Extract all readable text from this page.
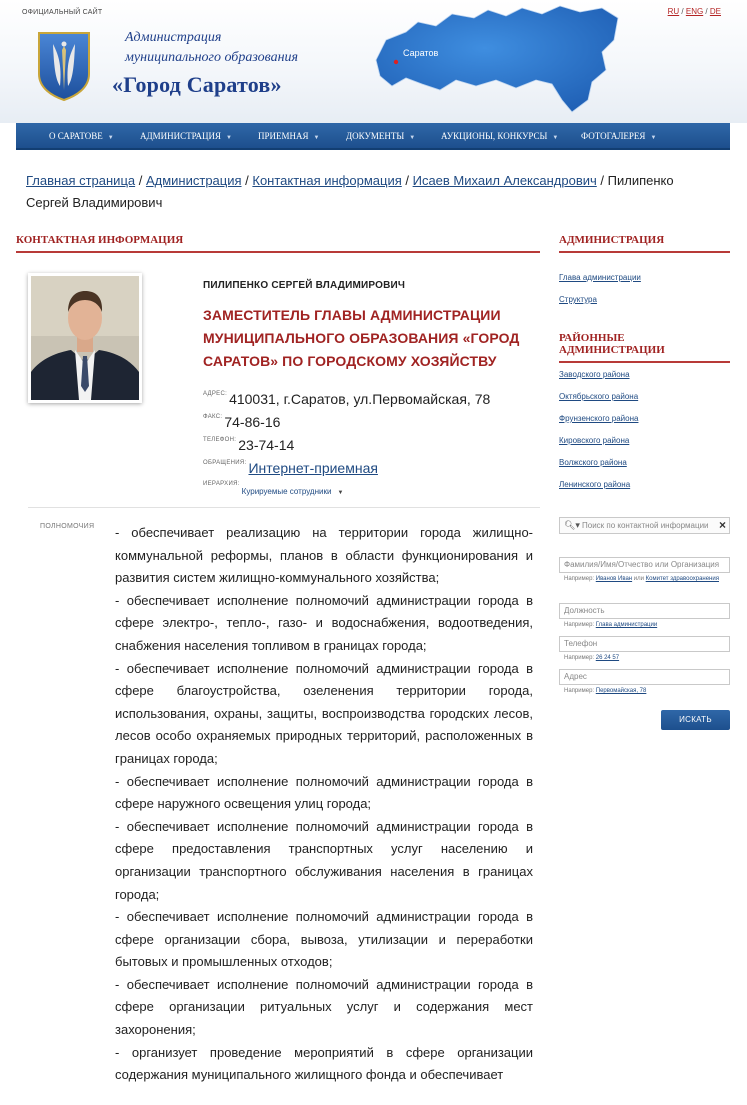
ОФИЦИАЛЬНЫЙ САЙТ	RU / ENG / DE
Администрация
муниципального образования
«Город Саратов»
Саратов
О САРАТОВЕ ▼	АДМИНИСТРАЦИЯ ▼	ПРИЕМНАЯ ▼	ДОКУМЕНТЫ ▼	АУКЦИОНЫ, КОНКУРСЫ ▼	ФОТОГАЛЕРЕЯ ▼
Главная страница / Администрация / Контактная информация / Исаев Михаил Александрович / Пилипенко Сергей Владимирович
КОНТАКТНАЯ ИНФОРМАЦИЯ
ПИЛИПЕНКО СЕРГЕЙ ВЛАДИМИРОВИЧ
ЗАМЕСТИТЕЛЬ ГЛАВЫ АДМИНИСТРАЦИИ МУНИЦИПАЛЬНОГО ОБРАЗОВАНИЯ «ГОРОД САРАТОВ» ПО ГОРОДСКОМУ ХОЗЯЙСТВУ
$^{АДРЕС:}$ 410031, г.Саратов, ул.Первомайская, 78
$^{ФАКС:}$ 74-86-16
$^{ТЕЛЕФОН:}$ 23-74-14
$^{ОБРАЩЕНИЯ:}$ Интернет-приемная
$^{ИЕРАРХИЯ:}$Курируемые сотрудники ▼
ПОЛНОМОЧИЯ - обеспечивает реализацию на территории города жилищно-коммунальной реформы, планов в области функционирования и развития систем жилищно-коммунального хозяйства;

- обеспечивает исполнение полномочий администрации города в сфере электро-, тепло-, газо- и водоснабжения, водоотведения, снабжения населения топливом в границах города;

- обеспечивает исполнение полномочий администрации города в сфере благоустройства, озеленения территории города, использования, охраны, защиты, воспроизводства городских лесов, лесов особо охраняемых природных территорий, расположенных в границах города;

- обеспечивает исполнение полномочий администрации города в сфере наружного освещения улиц города;

- обеспечивает исполнение полномочий администрации города в сфере предоставления транспортных услуг населению и организации транспортного обслуживания населения в границах города;

- обеспечивает исполнение полномочий администрации города в сфере организации сбора, вывоза, утилизации и переработки бытовых и промышленных отходов;

- обеспечивает исполнение полномочий администрации города в сфере организации ритуальных услуг и содержания мест захоронения;

- организует проведение мероприятий в сфере организации содержания муниципального жилищного фонда и обеспечивает

АДМИНИСТРАЦИЯ
Глава администрации
Структура
РАЙОННЫЕ АДМИНИСТРАЦИИ
Заводского района
Октябрьского района
Фрунзенского района
Кировского района
Волжского района
Ленинского района
🔍︎▾ Поиск по контактной информации ×
Фамилия/Имя/Отчество или Организация
Например: Иванов Иван или Комитет здравоохранения
Должность
Например: Глава администрации
Телефон
Например: 26 24 57
Адрес
Например: Первомайская, 78
ИСКАТЬ
